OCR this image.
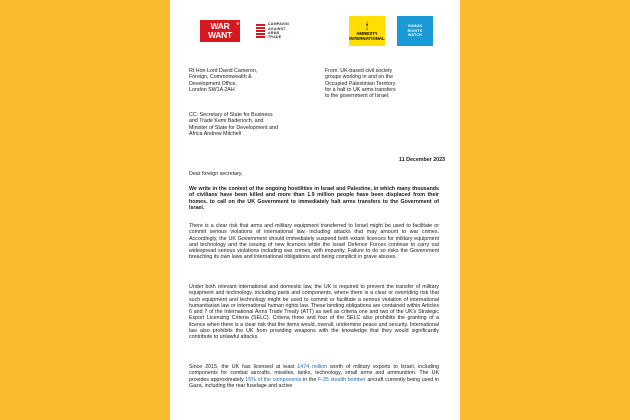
WAR
WANT
®	CAMPAIGN
AGAINST
ARMS
TRADE
🕯
AMNESTY
INTERNATIONAL
HUMAN
RIGHTS
WATCH

Rt Hon Lord David Cameron,
Foreign, Commonwealth &
Development Office,
London SW1A 2AH

CC: Secretary of State for Business
and Trade Kemi Badenoch, and
Minister of State for Development and
Africa Andrew Mitchell

From: UK-based civil society
groups working in and on the
Occupied Palestinian Territory
for a halt to UK arms transfers
to the government of Israel.

11 December 2023

Dear foreign secretary,

We write in the context of the ongoing hostilities in Israel and Palestine, in which many thousands of civilians have been killed and more than 1.9 million people have been displaced from their homes, to call on the UK Government to immediately halt arms transfers to the Government of Israel.

There is a clear risk that arms and military equipment transferred to Israel might be used to facilitate or commit serious violations of international law, including attacks that may amount to war crimes. Accordingly, the UK Government should immediately suspend both extant licences for military equipment and technology and the issuing of new licences while the Israel Defence Forces continue to carry out widespread serious violations including war crimes, with impunity. Failure to do so risks the Government breaching its own laws and international obligations and being complicit in grave abuses.

Under both relevant international and domestic law, the UK is required to prevent the transfer of military equipment and technology, including parts and components, where there is a clear or overriding risk that such equipment and technology might be used to commit or facilitate a serious violation of international humanitarian law or international human rights law. These binding obligations are contained within Articles 6 and 7 of the International Arms Trade Treaty (ATT) as well as criteria one and two of the UK's Strategic Export Licensing Criteria (SELC). Criteria three and four of the SELC also prohibits the granting of a licence when there is a clear risk that the items would, overall, undermine peace and security. International law also prohibits the UK from providing weapons with the knowledge that they would significantly contribute to unlawful attacks.

Since 2015, the UK has licensed at least £474 million worth of military exports to Israel, including components for combat aircrafts, missiles, tanks, technology, small arms and ammunition. The UK provides approximately 15% of the components in the F-35 stealth bomber aircraft currently being used in Gaza, including the rear fuselage and active
